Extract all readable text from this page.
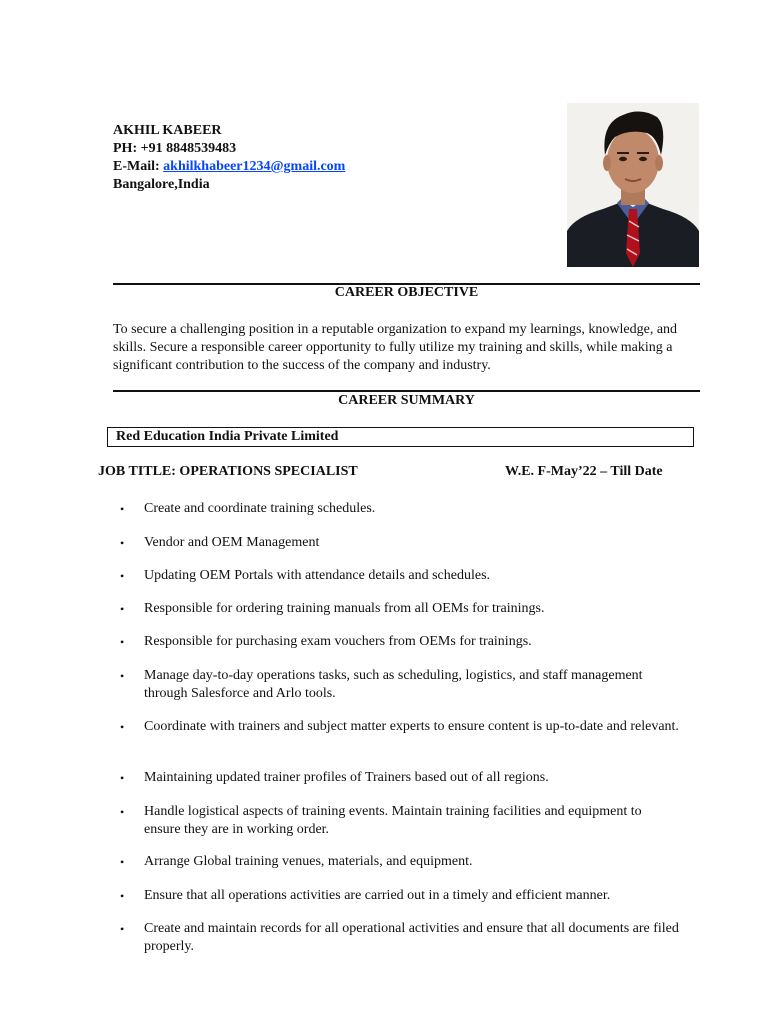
AKHIL KABEER
PH: +91 8848539483
E-Mail: akhilkhabeer1234@gmail.com
Bangalore,India
CAREER OBJECTIVE
To secure a challenging position in a reputable organization to expand my learnings, knowledge, and skills. Secure a responsible career opportunity to fully utilize my training and skills, while making a significant contribution to the success of the company and industry.
CAREER SUMMARY
Red Education India Private Limited
JOB TITLE: OPERATIONS SPECIALIST	W.E. F-May’22 – Till Date
•	Create and coordinate training schedules.
•	Vendor and OEM Management
•	Updating OEM Portals with attendance details and schedules.
•	Responsible for ordering training manuals from all OEMs for trainings.
•	Responsible for purchasing exam vouchers from OEMs for trainings.
•	Manage day-to-day operations tasks, such as scheduling, logistics, and staff management through Salesforce and Arlo tools.
•	Coordinate with trainers and subject matter experts to ensure content is up-to-date and relevant.
•	Maintaining updated trainer profiles of Trainers based out of all regions.
•	Handle logistical aspects of training events. Maintain training facilities and equipment to ensure they are in working order.
•	Arrange Global training venues, materials, and equipment.
•	Ensure that all operations activities are carried out in a timely and efficient manner.
•	Create and maintain records for all operational activities and ensure that all documents are filed properly.
